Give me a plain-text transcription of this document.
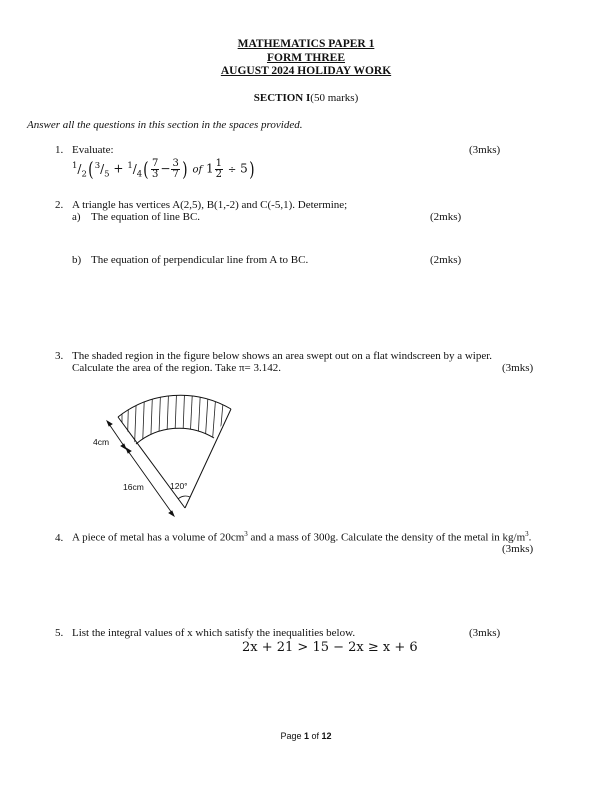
MATHEMATICS PAPER 1
FORM THREE
AUGUST 2024 HOLIDAY WORK
SECTION I(50 marks)
Answer all the questions in this section in the spaces provided.
1. Evaluate:	(3mks)
$^1/_2(^3/_5 + ^1/_4( \frac{7}{3} - \frac{3}{7}$ ) of $1 \frac{1}{2} \div 5$)
2. A triangle has vertices A(2,5), B(1,-2) and C(-5,1). Determine;
a) The equation of line BC.	(2mks)
b) The equation of perpendicular line from A to BC.	(2mks)
3. The shaded region in the figure below shows an area swept out on a flat windscreen by a wiper.
Calculate the area of the region. Take π= 3.142.	(3mks)
4cm
16cm	120°
4. A piece of metal has a volume of $20cm^3$ and a mass of 300g. Calculate the density of the metal in $kg/m^3$.
(3mks)
5. List the integral values of x which satisfy the inequalities below.	(3mks)
2x + 21 > 15 − 2x ≥ x + 6
Page 1 of 12
